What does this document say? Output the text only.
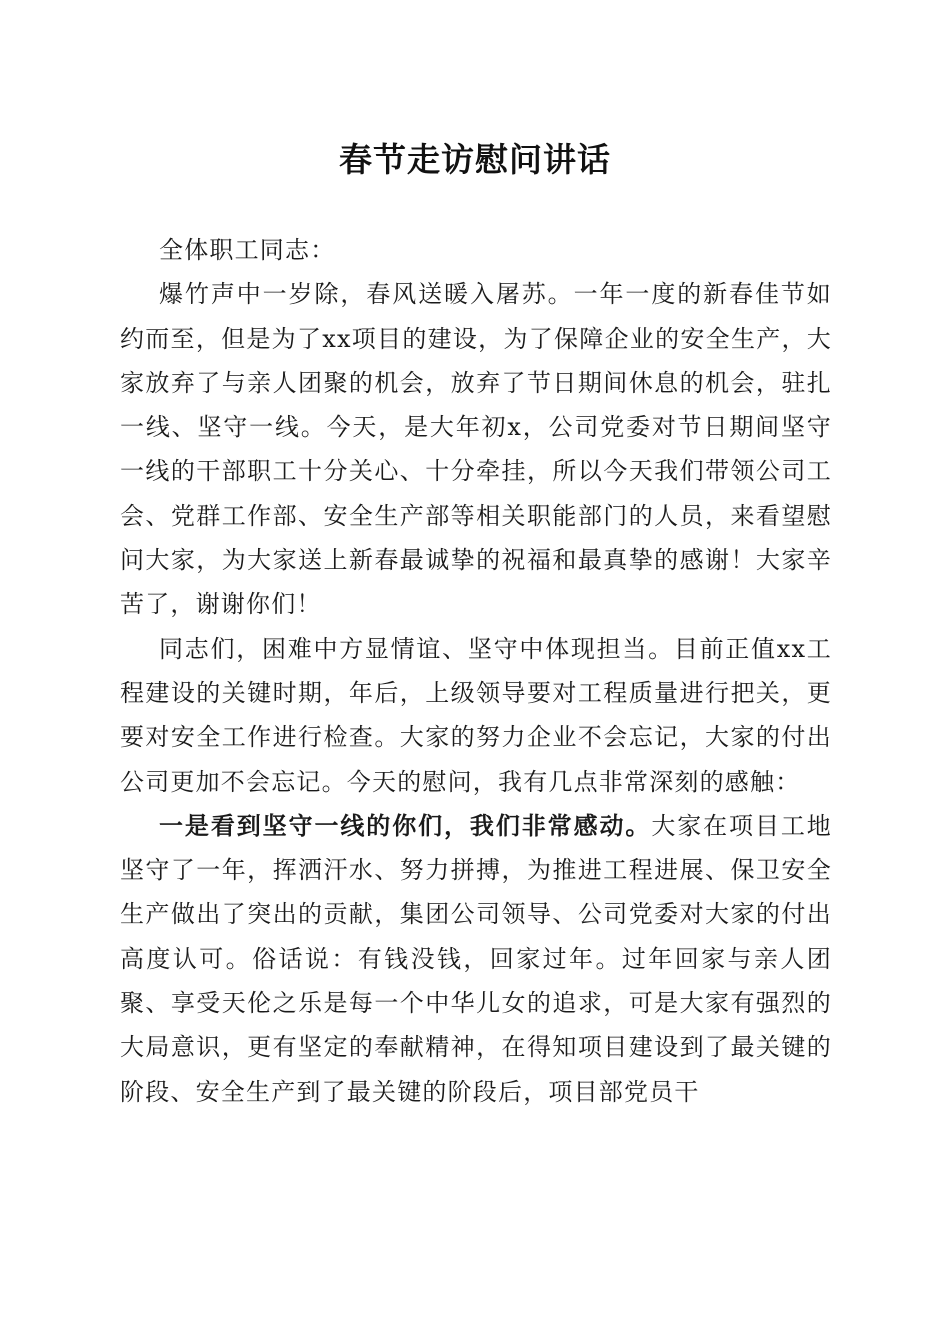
春节走访慰问讲话

全体职工同志：

爆竹声中一岁除，春风送暖入屠苏。一年一度的新春佳节如约而至，但是为了xx项目的建设，为了保障企业的安全生产，大家放弃了与亲人团聚的机会，放弃了节日期间休息的机会，驻扎一线、坚守一线。今天，是大年初x，公司党委对节日期间坚守一线的干部职工十分关心、十分牵挂，所以今天我们带领公司工会、党群工作部、安全生产部等相关职能部门的人员，来看望慰问大家，为大家送上新春最诚挚的祝福和最真挚的感谢！大家辛苦了，谢谢你们！

同志们，困难中方显情谊、坚守中体现担当。目前正值xx工程建设的关键时期，年后，上级领导要对工程质量进行把关，更要对安全工作进行检查。大家的努力企业不会忘记，大家的付出公司更加不会忘记。今天的慰问，我有几点非常深刻的感触：

一是看到坚守一线的你们，我们非常感动。大家在项目工地坚守了一年，挥洒汗水、努力拼搏，为推进工程进展、保卫安全生产做出了突出的贡献，集团公司领导、公司党委对大家的付出高度认可。俗话说：有钱没钱，回家过年。过年回家与亲人团聚、享受天伦之乐是每一个中华儿女的追求，可是大家有强烈的大局意识，更有坚定的奉献精神，在得知项目建设到了最关键的阶段、安全生产到了最关键的阶段后，项目部党员干
